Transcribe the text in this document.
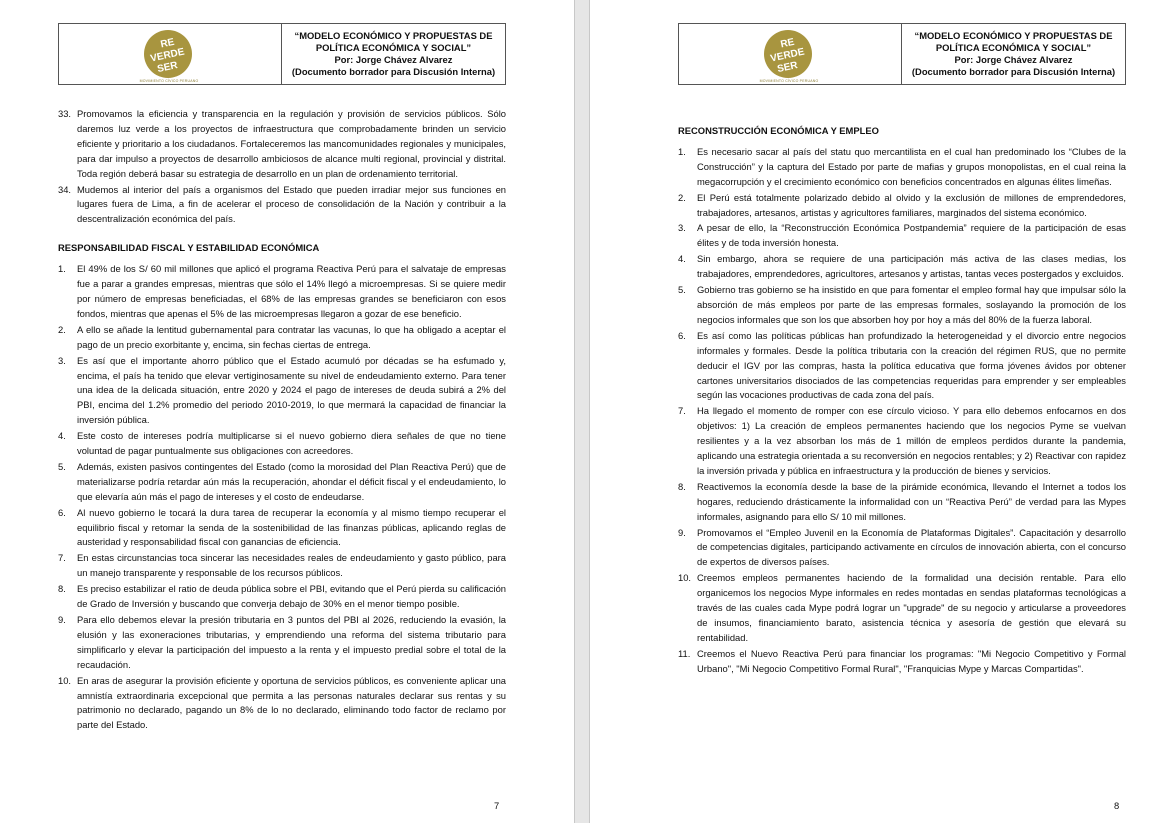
RE
VERDE
SER
MOVIMIENTO CÍVICO PERUANO
“MODELO ECONÓMICO Y PROPUESTAS DE
POLÍTICA ECONÓMICA Y SOCIAL”
Por: Jorge Chávez Alvarez
(Documento borrador para Discusión Interna)
33. Promovamos la eficiencia y transparencia en la regulación y provisión de servicios públicos. Sólo daremos luz verde a los proyectos de infraestructura que comprobadamente brinden un servicio eficiente y prioritario a los ciudadanos. Fortaleceremos las mancomunidades regionales y municipales, para dar impulso a proyectos de desarrollo ambiciosos de alcance multi regional, provincial y distrital. Toda región deberá basar su estrategia de desarrollo en un plan de ordenamiento territorial.
34. Mudemos al interior del país a organismos del Estado que pueden irradiar mejor sus funciones en lugares fuera de Lima, a fin de acelerar el proceso de consolidación de la Nación y contribuir a la descentralización económica del país.
RESPONSABILIDAD FISCAL Y ESTABILIDAD ECONÓMICA
1.	El 49% de los S/ 60 mil millones que aplicó el programa Reactiva Perú para el salvataje de empresas fue a parar a grandes empresas, mientras que sólo el 14% llegó a microempresas. Si se quiere medir por número de empresas beneficiadas, el 68% de las empresas grandes se beneficiaron con esos fondos, mientras que apenas el 5% de las microempresas llegaron a gozar de ese beneficio.
2.	A ello se añade la lentitud gubernamental para contratar las vacunas, lo que ha obligado a aceptar el pago de un precio exorbitante y, encima, sin fechas ciertas de entrega.
3.	Es así que el importante ahorro público que el Estado acumuló por décadas se ha esfumado y, encima, el país ha tenido que elevar vertiginosamente su nivel de endeudamiento externo. Para tener una idea de la delicada situación, entre 2020 y 2024 el pago de intereses de deuda subirá a 2% del PBI, encima del 1.2% promedio del periodo 2010-2019, lo que mermará la capacidad de financiar la inversión pública.
4.	Este costo de intereses podría multiplicarse si el nuevo gobierno diera señales de que no tiene voluntad de pagar puntualmente sus obligaciones con acreedores.
5.	Además, existen pasivos contingentes del Estado (como la morosidad del Plan Reactiva Perú) que de materializarse podría retardar aún más la recuperación, ahondar el déficit fiscal y el endeudamiento, lo que elevaría aún más el pago de intereses y el costo de endeudarse.
6.	Al nuevo gobierno le tocará la dura tarea de recuperar la economía y al mismo tiempo recuperar el equilibrio fiscal y retomar la senda de la sostenibilidad de las finanzas públicas, aplicando reglas de austeridad y responsabilidad fiscal con ganancias de eficiencia.
7.	En estas circunstancias toca sincerar las necesidades reales de endeudamiento y gasto público, para un manejo transparente y responsable de los recursos públicos.
8.	Es preciso estabilizar el ratio de deuda pública sobre el PBI, evitando que el Perú pierda su calificación de Grado de Inversión y buscando que converja debajo de 30% en el menor tiempo posible.
9.	Para ello debemos elevar la presión tributaria en 3 puntos del PBI al 2026, reduciendo la evasión, la elusión y las exoneraciones tributarias, y emprendiendo una reforma del sistema tributario para simplificarlo y elevar la participación del impuesto a la renta y el impuesto predial sobre el total de la recaudación.
10. En aras de asegurar la provisión eficiente y oportuna de servicios públicos, es conveniente aplicar una amnistía extraordinaria excepcional que permita a las personas naturales declarar sus rentas y su patrimonio no declarado, pagando un 8% de lo no declarado, eliminando todo factor de reclamo por parte del Estado.
7
RE
VERDE
SER
MOVIMIENTO CÍVICO PERUANO
“MODELO ECONÓMICO Y PROPUESTAS DE
POLÍTICA ECONÓMICA Y SOCIAL”
Por: Jorge Chávez Alvarez
(Documento borrador para Discusión Interna)
RECONSTRUCCIÓN ECONÓMICA Y EMPLEO
1.	Es necesario sacar al país del statu quo mercantilista en el cual han predominado los “Clubes de la Construcción” y la captura del Estado por parte de mafias y grupos monopolistas, en el cual reina la megacorrupción y el crecimiento económico con beneficios concentrados en algunas élites limeñas.
2.	El Perú está totalmente polarizado debido al olvido y la exclusión de millones de emprendedores, trabajadores, artesanos, artistas y agricultores familiares, marginados del sistema económico.
3.	A pesar de ello, la “Reconstrucción Económica Postpandemia” requiere de la participación de esas élites y de toda inversión honesta.
4.	Sin embargo, ahora se requiere de una participación más activa de las clases medias, los trabajadores, emprendedores, agricultores, artesanos y artistas, tantas veces postergados y excluidos.
5.	Gobierno tras gobierno se ha insistido en que para fomentar el empleo formal hay que impulsar sólo la absorción de más empleos por parte de las empresas formales, soslayando la promoción de los negocios informales que son los que absorben hoy por hoy a más del 80% de la fuerza laboral.
6.	Es así como las políticas públicas han profundizado la heterogeneidad y el divorcio entre negocios informales y formales. Desde la política tributaria con la creación del régimen RUS, que no permite deducir el IGV por las compras, hasta la política educativa que forma jóvenes ávidos por obtener cartones universitarios disociados de las competencias requeridas para emprender y ser empleables según las vocaciones productivas de cada zona del país.
7.	Ha llegado el momento de romper con ese círculo vicioso. Y para ello debemos enfocarnos en dos objetivos: 1) La creación de empleos permanentes haciendo que los negocios Pyme se vuelvan resilientes y a la vez absorban los más de 1 millón de empleos perdidos durante la pandemia, aplicando una estrategia orientada a su reconversión en negocios rentables; y 2) Reactivar con rapidez la inversión privada y pública en infraestructura y la producción de bienes y servicios.
8.	Reactivemos la economía desde la base de la pirámide económica, llevando el Internet a todos los hogares, reduciendo drásticamente la informalidad con un “Reactiva Perú” de verdad para las Mypes informales, asignando para ello S/ 10 mil millones.
9.	Promovamos el “Empleo Juvenil en la Economía de Plataformas Digitales”. Capacitación y desarrollo de competencias digitales, participando activamente en círculos de innovación abierta, con el concurso de expertos de diversos países.
10. Creemos empleos permanentes haciendo de la formalidad una decisión rentable. Para ello organicemos los negocios Mype informales en redes montadas en sendas plataformas tecnológicas a través de las cuales cada Mype podrá lograr un "upgrade" de su negocio y articularse a proveedores de insumos, financiamiento barato, asistencia técnica y asesoría de gestión que elevará su rentabilidad.
11. Creemos el Nuevo Reactiva Perú para financiar los programas: "Mi Negocio Competitivo y Formal Urbano", "Mi Negocio Competitivo Formal Rural", "Franquicias Mype y Marcas Compartidas".
8
